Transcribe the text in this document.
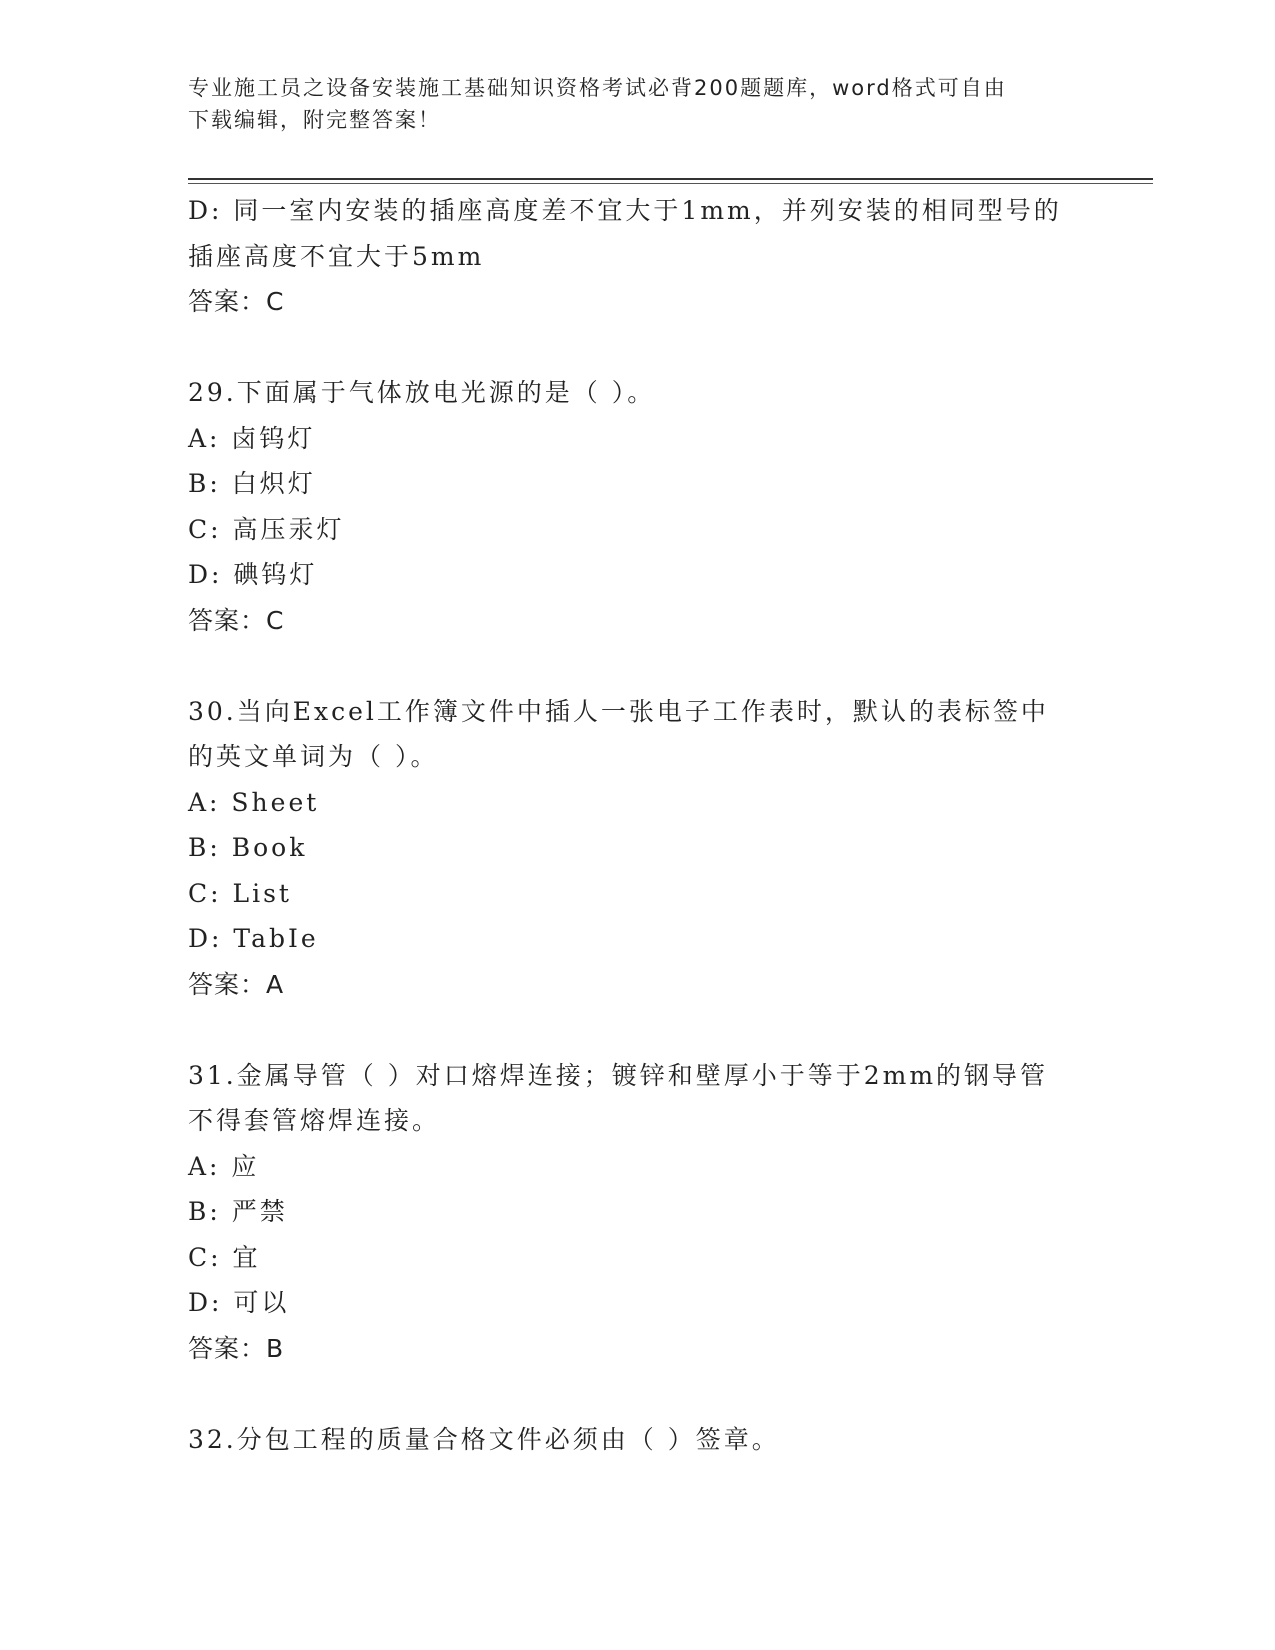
专业施工员之设备安装施工基础知识资格考试必背200题题库，word格式可自由
下载编辑，附完整答案！
D: 同一室内安装的插座高度差不宜大于1mm，并列安装的相同型号的
插座高度不宜大于5mm
答案：C
29.下面属于气体放电光源的是（ ）。
A: 卤钨灯
B: 白炽灯
C: 高压汞灯
D: 碘钨灯
答案：C
30.当向Excel工作簿文件中插人一张电子工作表时，默认的表标签中
的英文单词为（ ）。
A: Sheet
B: Book
C: List
D: TabIe
答案：A
31.金属导管（ ）对口熔焊连接；镀锌和壁厚小于等于2mm的钢导管
不得套管熔焊连接。
A: 应
B: 严禁
C: 宜
D: 可以
答案：B
32.分包工程的质量合格文件必须由（ ）签章。
